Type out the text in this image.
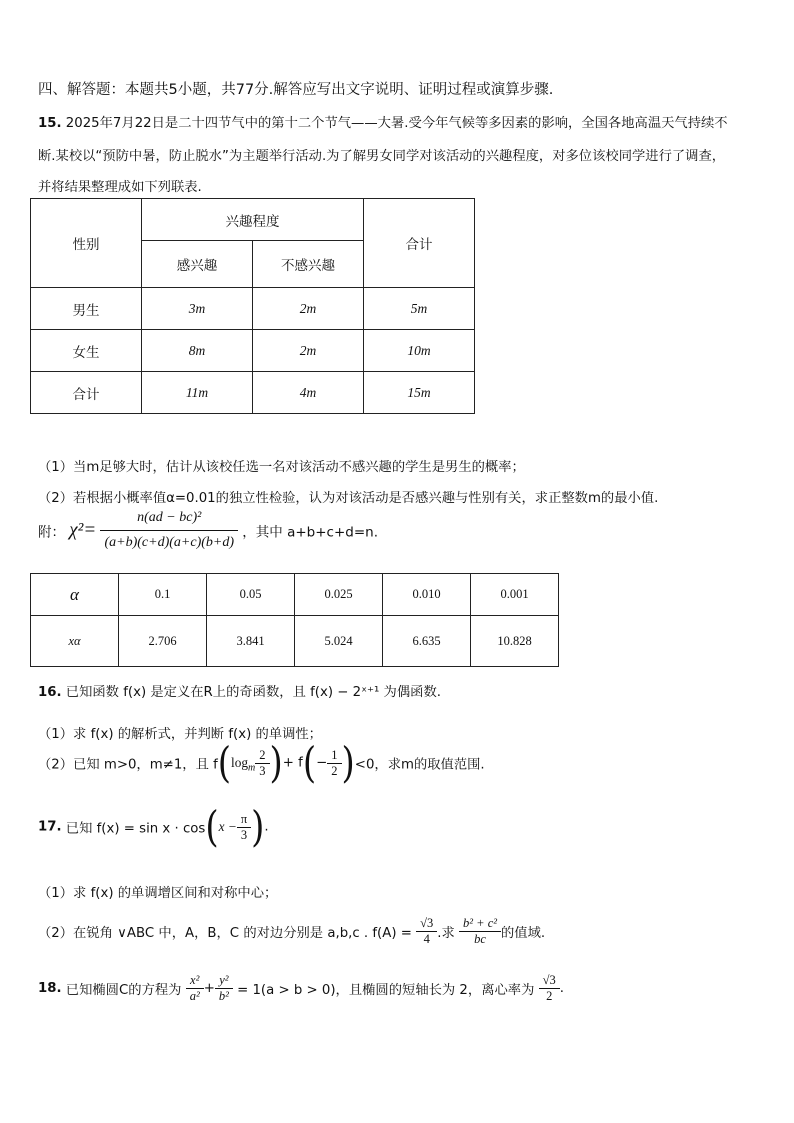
四、解答题：本题共5小题，共77分.解答应写出文字说明、证明过程或演算步骤.
15. 2025年7月22日是二十四节气中的第十二个节气——大暑.受今年气候等多因素的影响，全国各地高温天气持续不
断.某校以“预防中暑，防止脱水”为主题举行活动.为了解男女同学对该活动的兴趣程度，对多位该校同学进行了调查，
并将结果整理成如下列联表.
性别	兴趣程度		合计
	感兴趣	不感兴趣	
男生	3m	2m	5m
女生	8m	2m	10m
合计	11m	4m	15m
（1）当m足够大时，估计从该校任选一名对该活动不感兴趣的学生是男生的概率；
（2）若根据小概率值α=0.01的独立性检验，认为对该活动是否感兴趣与性别有关，求正整数m的最小值.
附： $\chi^2= \frac{\text{n(ad − bc)²}}{(a+b)(c+d)(a+c)(b+d)}$ ，其中 a+b+c+d=n.
α	0.1	0.05	0.025	0.010	0.001
xα	2.706	3.841	5.024	6.635	10.828
16. 已知函数 f(x) 是定义在R上的奇函数，且 f(x) − 2ˣ⁺¹ 为偶函数.
（1）求 f(x) 的解析式，并判断 f(x) 的单调性；
（2）已知 m>0，m≠1，且 $f(\log_m \frac{2}{3}$ )+ $f(- \frac{1}{2} )<0$，求m的取值范围.
17. 已知 $f(x) = \sin x \cdot \cos(x - \frac{\pi}{3}$ ).
（1）求 f(x) 的单调增区间和对称中心；
（2）在锐角 ∨ABC 中，A，B，C 的对边分别是 a,b,c . $f(A) = \frac{√3}{4}$ .求 $\frac{\text{b² + c²}}{bc}$ 的值域.
18. 已知椭圆C的方程为 $\frac{\text{x²}}{\text{a²}} + \frac{\text{y²}}{\text{b²}} = 1(a > b > 0)$，且椭圆的短轴长为 2，离心率为 $\frac{√3}{2}$ .
